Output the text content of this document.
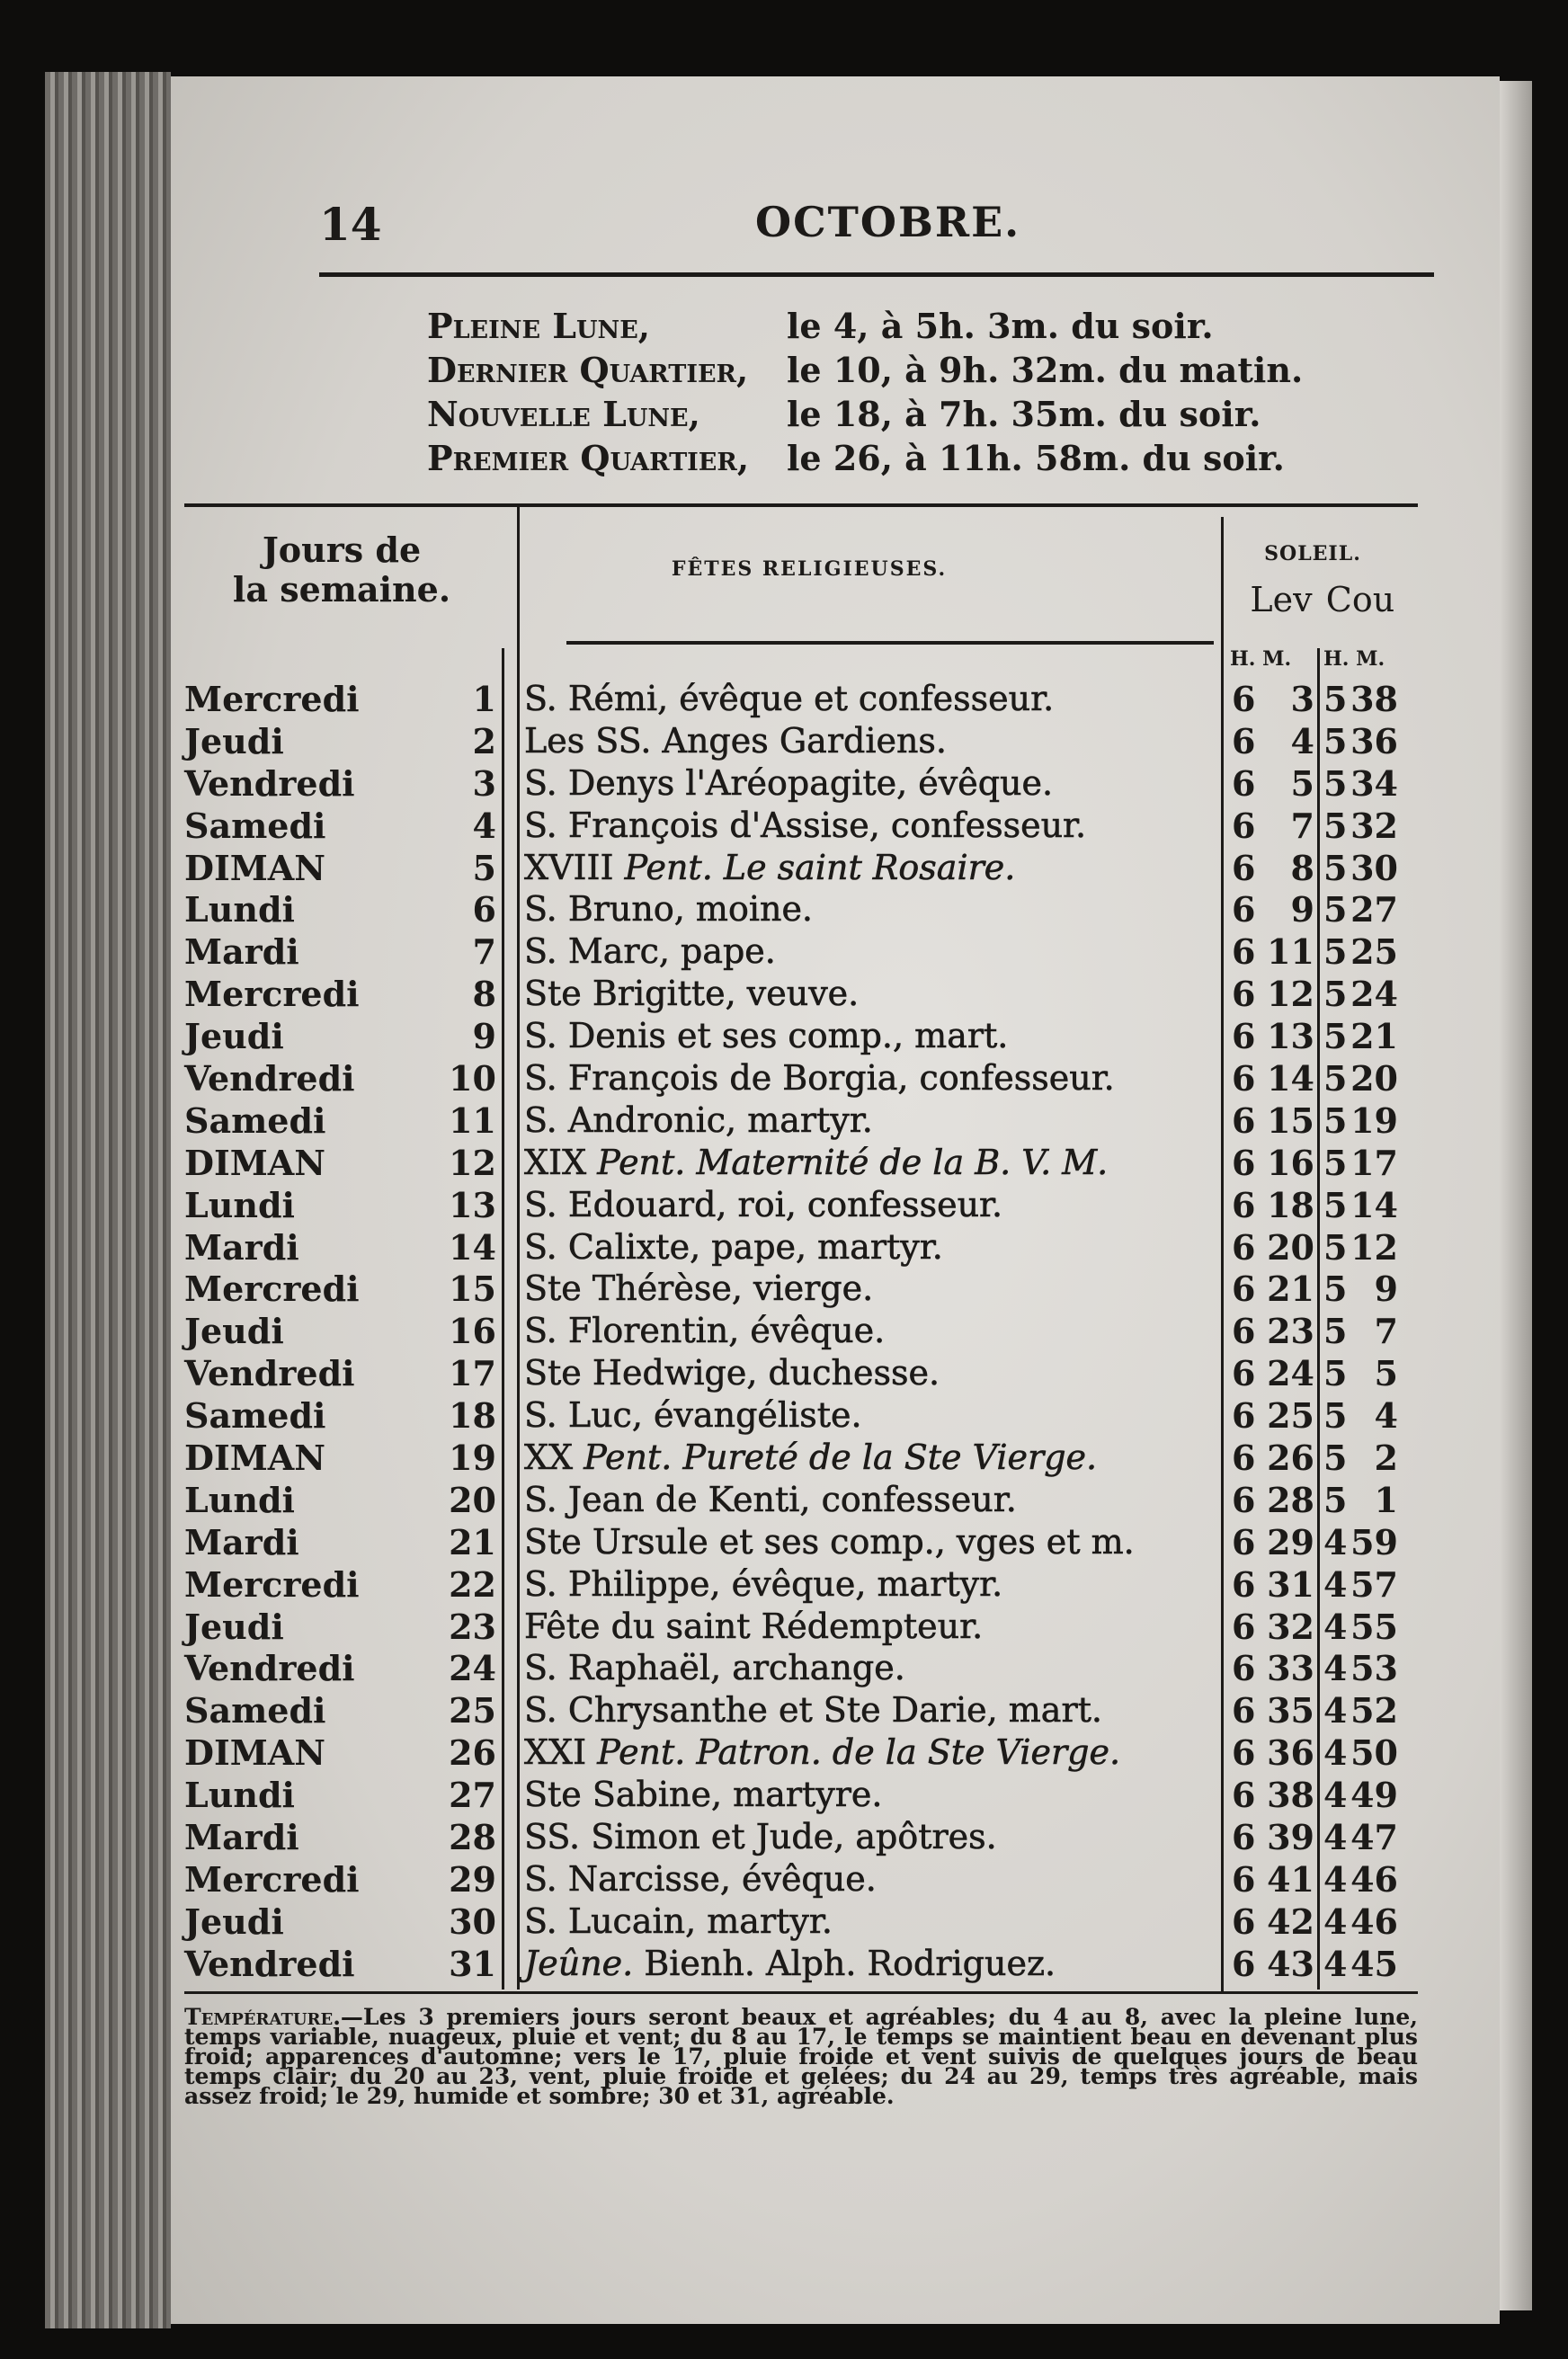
14	OCTOBRE.
Pleine Lune,	le 4, à 5h. 3m. du soir.
Dernier Quartier, le 10, à 9h. 32m. du matin.
Nouvelle Lune,	le 18, à 7h. 35m. du soir.
Premier Quartier, le 26, à 11h. 58m. du soir.
Jours de
la semaine.	FÊTES RELIGIEUSES.
SOLEIL.
Lev Cou
H. M. H. M.
Mercredi	1 S. Rémi, évêque et confesseur.	6	3 5 38
Jeudi	2 Les SS. Anges Gardiens.	6	4 5 36
Vendredi	3 S. Denys l'Aréopagite, évêque.	6	5 5 34
Samedi	4 S. François d'Assise, confesseur.	6	7 5 32
DIMAN	5 XVIII Pent. Le saint Rosaire.	6	8 5 30
Lundi	6 S. Bruno, moine.	6	9 5 27
Mardi	7 S. Marc, pape.	6 11 5 25
Mercredi	8 Ste Brigitte, veuve.	6 12 5 24
Jeudi	9 S. Denis et ses comp., mart.	6 13 5 21
Vendredi	10 S. François de Borgia, confesseur.	6 14 5 20
Samedi	11 S. Andronic, martyr.	6 15 5 19
DIMAN	12 XIX Pent. Maternité de la B. V. M.	6 16 5 17
Lundi	13 S. Edouard, roi, confesseur.	6 18 5 14
Mardi	14 S. Calixte, pape, martyr.	6 20 5 12
Mercredi	15 Ste Thérèse, vierge.	6 21 5 9
Jeudi	16 S. Florentin, évêque.	6 23 5 7
Vendredi	17 Ste Hedwige, duchesse.	6 24 5 5
Samedi	18 S. Luc, évangéliste.	6 25 5 4
DIMAN	19 XX Pent. Pureté de la Ste Vierge.	6 26 5 2
Lundi	20 S. Jean de Kenti, confesseur.	6 28 5 1
Mardi	21 Ste Ursule et ses comp., vges et m.	6 29 4 59
Mercredi	22 S. Philippe, évêque, martyr.	6 31 4 57
Jeudi	23 Fête du saint Rédempteur.	6 32 4 55
Vendredi	24 S. Raphaël, archange.	6 33 4 53
Samedi	25 S. Chrysanthe et Ste Darie, mart.	6 35 4 52
DIMAN	26 XXI Pent. Patron. de la Ste Vierge.	6 36 4 50
Lundi	27 Ste Sabine, martyre.	6 38 4 49
Mardi	28 SS. Simon et Jude, apôtres.	6 39 4 47
Mercredi	29 S. Narcisse, évêque.	6 41 4 46
Jeudi	30 S. Lucain, martyr.	6 42 4 46
Vendredi	31 Jeûne. Bienh. Alph. Rodriguez.	6 43 4 45
Température.—Les 3 premiers jours seront beaux et agréables; du 4 au 8, avec la pleine lune, temps variable, nuageux, pluie et vent; du 8 au 17, le temps se maintient beau en devenant plus froid; apparences d'automne; vers le 17, pluie froide et vent suivis de quelques jours de beau temps clair; du 20 au 23, vent, pluie froide et gelées; du 24 au 29, temps très agréable, mais assez froid; le 29, humide et sombre; 30 et 31, agréable.
